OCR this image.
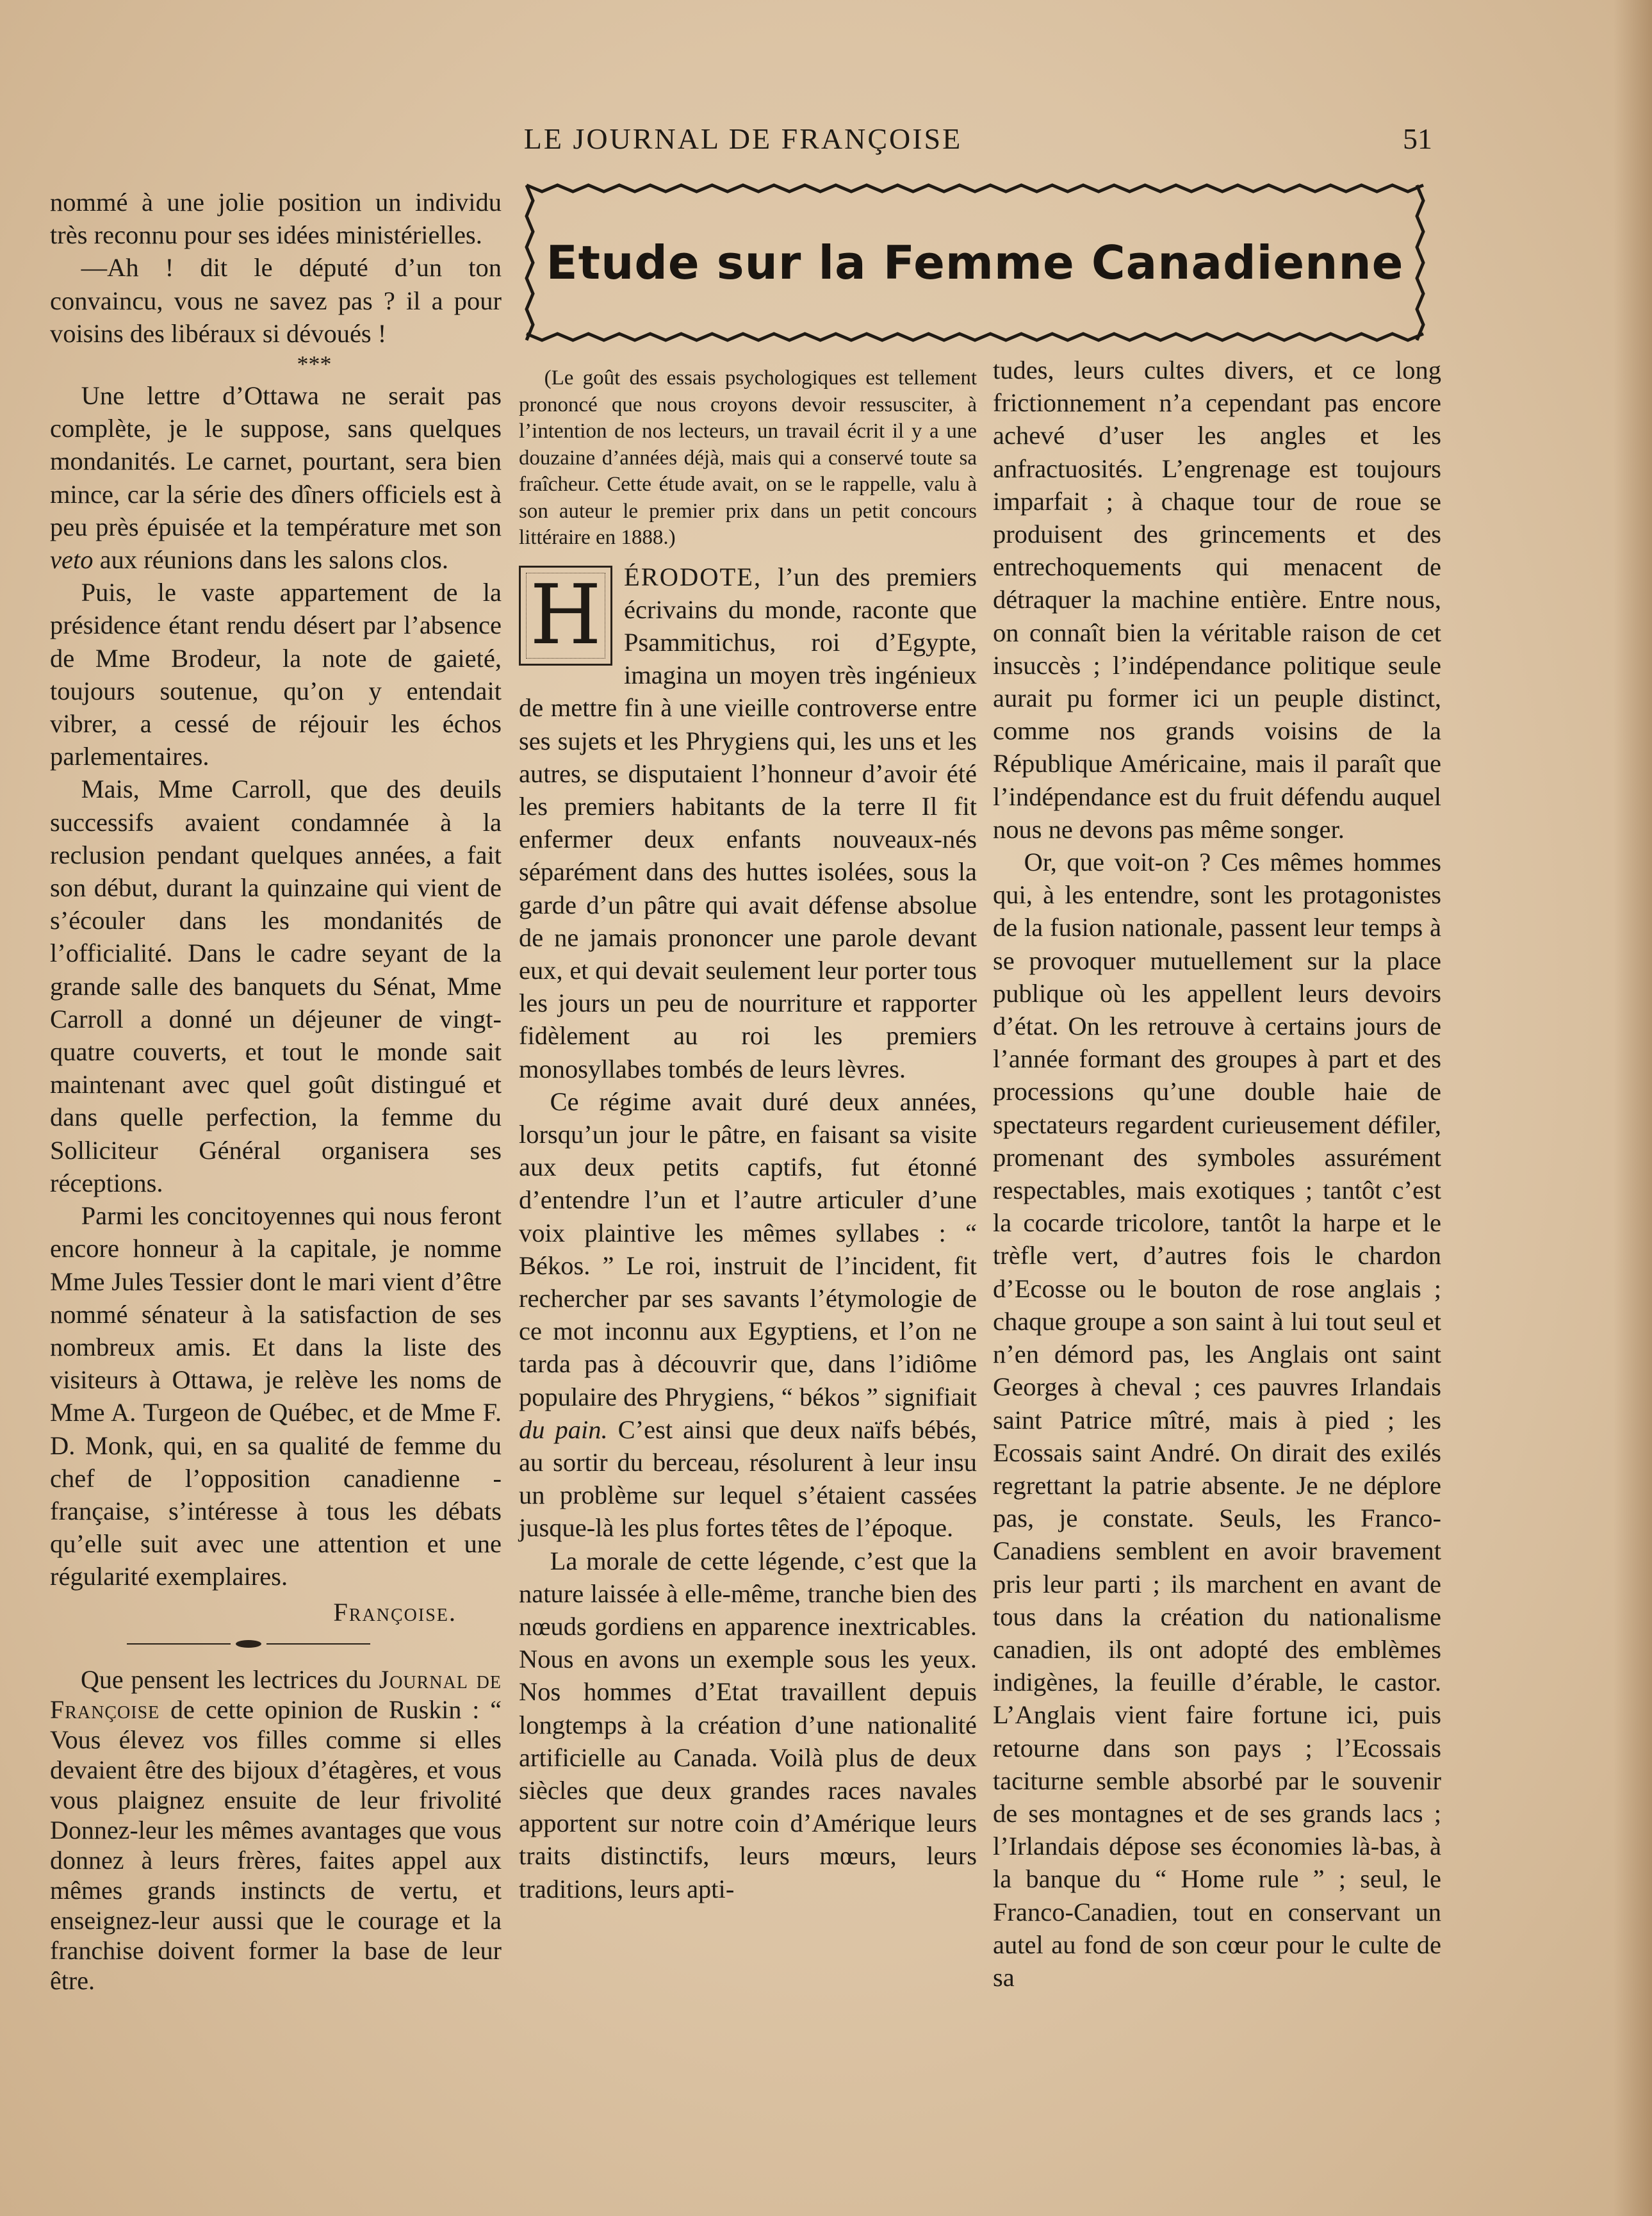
LE JOURNAL DE FRANÇOISE	51

nommé à une jolie position un individu très reconnu pour ses idées ministérielles.

—Ah ! dit le député d’un ton convaincu, vous ne savez pas ? il a pour voisins des libéraux si dévoués !

***

Une lettre d’Ottawa ne serait pas complète, je le suppose, sans quelques mondanités. Le carnet, pourtant, sera bien mince, car la série des dîners officiels est à peu près épuisée et la température met son veto aux réunions dans les salons clos.

Puis, le vaste appartement de la présidence étant rendu désert par l’absence de Mme Brodeur, la note de gaieté, toujours soutenue, qu’on y entendait vibrer, a cessé de réjouir les échos parlementaires.

Mais, Mme Carroll, que des deuils successifs avaient condamnée à la reclusion pendant quelques années, a fait son début, durant la quinzaine qui vient de s’écouler dans les mondanités de l’officialité. Dans le cadre seyant de la grande salle des banquets du Sénat, Mme Carroll a donné un déjeuner de vingt-quatre couverts, et tout le monde sait maintenant avec quel goût distingué et dans quelle perfection, la femme du Solliciteur Général organisera ses réceptions.

Parmi les concitoyennes qui nous feront encore honneur à la capitale, je nomme Mme Jules Tessier dont le mari vient d’être nommé sénateur à la satisfaction de ses nombreux amis. Et dans la liste des visiteurs à Ottawa, je relève les noms de Mme A. Turgeon de Québec, et de Mme F. D. Monk, qui, en sa qualité de femme du chef de l’opposition canadienne - française, s’intéresse à tous les débats qu’elle suit avec une attention et une régularité exemplaires.

Françoise.

Que pensent les lectrices du Journal de Françoise de cette opinion de Ruskin : “ Vous élevez vos filles comme si elles devaient être des bijoux d’étagères, et vous vous plaignez ensuite de leur frivolité Donnez-leur les mêmes avantages que vous donnez à leurs frères, faites appel aux mêmes grands instincts de vertu, et enseignez-leur aussi que le courage et la franchise doivent former la base de leur être.

Etude sur la Femme Canadienne

(Le goût des essais psychologiques est tellement prononcé que nous croyons devoir ressusciter, à l’intention de nos lecteurs, un travail écrit il y a une douzaine d’années déjà, mais qui a conservé toute sa fraîcheur. Cette étude avait, on se le rappelle, valu à son auteur le premier prix dans un petit concours littéraire en 1888.)

H ÉRODOTE, l’un des premiers écrivains du monde, raconte que Psammitichus, roi d’Egypte, imagina un moyen très ingénieux de mettre fin à une vieille controverse entre ses sujets et les Phrygiens qui, les uns et les autres, se disputaient l’honneur d’avoir été les premiers habitants de la terre Il fit enfermer deux enfants nouveaux-nés séparément dans des huttes isolées, sous la garde d’un pâtre qui avait défense absolue de ne jamais prononcer une parole devant eux, et qui devait seulement leur porter tous les jours un peu de nourriture et rapporter fidèlement au roi les premiers monosyllabes tombés de leurs lèvres.

Ce régime avait duré deux années, lorsqu’un jour le pâtre, en faisant sa visite aux deux petits captifs, fut étonné d’entendre l’un et l’autre articuler d’une voix plaintive les mêmes syllabes : “ Békos. ” Le roi, instruit de l’incident, fit rechercher par ses savants l’étymologie de ce mot inconnu aux Egyptiens, et l’on ne tarda pas à découvrir que, dans l’idiôme populaire des Phrygiens, “ békos ” signifiait du pain. C’est ainsi que deux naïfs bébés, au sortir du berceau, résolurent à leur insu un problème sur lequel s’étaient cassées jusque-là les plus fortes têtes de l’époque.

La morale de cette légende, c’est que la nature laissée à elle-même, tranche bien des nœuds gordiens en apparence inextricables. Nous en avons un exemple sous les yeux. Nos hommes d’Etat travaillent depuis longtemps à la création d’une nationalité artificielle au Canada. Voilà plus de deux siècles que deux grandes races navales apportent sur notre coin d’Amérique leurs traits distinctifs, leurs mœurs, leurs traditions, leurs apti-

tudes, leurs cultes divers, et ce long frictionnement n’a cependant pas encore achevé d’user les angles et les anfractuosités. L’engrenage est toujours imparfait ; à chaque tour de roue se produisent des grincements et des entrechoquements qui menacent de détraquer la machine entière. Entre nous, on connaît bien la véritable raison de cet insuccès ; l’indépendance politique seule aurait pu former ici un peuple distinct, comme nos grands voisins de la République Américaine, mais il paraît que l’indépendance est du fruit défendu auquel nous ne devons pas même songer.

Or, que voit-on ? Ces mêmes hommes qui, à les entendre, sont les protagonistes de la fusion nationale, passent leur temps à se provoquer mutuellement sur la place publique où les appellent leurs devoirs d’état. On les retrouve à certains jours de l’année formant des groupes à part et des processions qu’une double haie de spectateurs regardent curieusement défiler, promenant des symboles assurément respectables, mais exotiques ; tantôt c’est la cocarde tricolore, tantôt la harpe et le trèfle vert, d’autres fois le chardon d’Ecosse ou le bouton de rose anglais ; chaque groupe a son saint à lui tout seul et n’en démord pas, les Anglais ont saint Georges à cheval ; ces pauvres Irlandais saint Patrice mîtré, mais à pied ; les Ecossais saint André. On dirait des exilés regrettant la patrie absente. Je ne déplore pas, je constate. Seuls, les Franco-Canadiens semblent en avoir bravement pris leur parti ; ils marchent en avant de tous dans la création du nationalisme canadien, ils ont adopté des emblèmes indigènes, la feuille d’érable, le castor. L’Anglais vient faire fortune ici, puis retourne dans son pays ; l’Ecossais taciturne semble absorbé par le souvenir de ses montagnes et de ses grands lacs ; l’Irlandais dépose ses économies là-bas, à la banque du “ Home rule ” ; seul, le Franco-Canadien, tout en conservant un autel au fond de son cœur pour le culte de sa
